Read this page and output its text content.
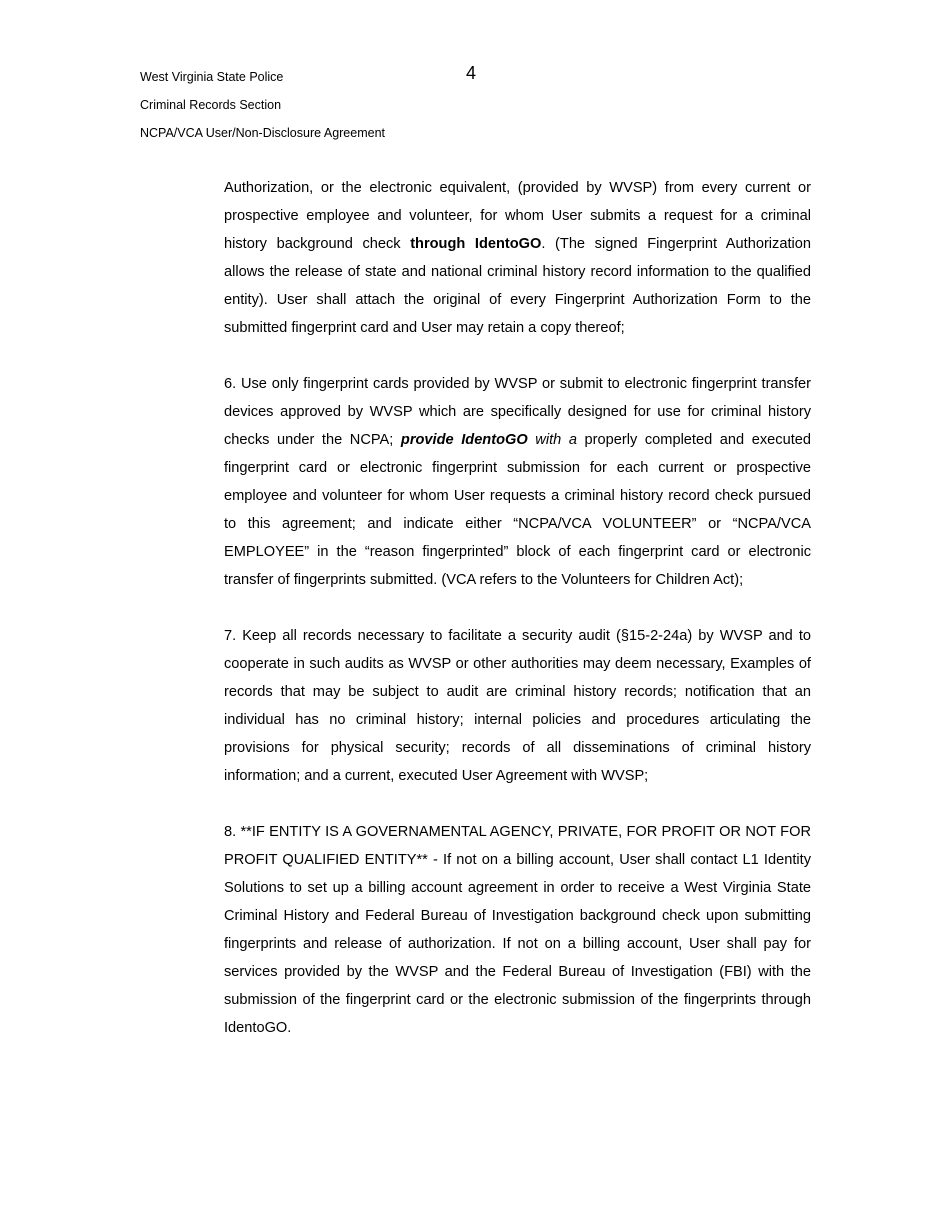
4
West Virginia State Police
Criminal Records Section
NCPA/VCA User/Non-Disclosure Agreement

Authorization, or the electronic equivalent, (provided by WVSP) from every current or prospective employee and volunteer, for whom User submits a request for a criminal history background check through IdentoGO. (The signed Fingerprint Authorization allows the release of state and national criminal history record information to the qualified entity). User shall attach the original of every Fingerprint Authorization Form to the submitted fingerprint card and User may retain a copy thereof;

6. Use only fingerprint cards provided by WVSP or submit to electronic fingerprint transfer devices approved by WVSP which are specifically designed for use for criminal history checks under the NCPA; provide IdentoGO with a properly completed and executed fingerprint card or electronic fingerprint submission for each current or prospective employee and volunteer for whom User requests a criminal history record check pursued to this agreement; and indicate either “NCPA/VCA VOLUNTEER” or “NCPA/VCA EMPLOYEE” in the “reason fingerprinted” block of each fingerprint card or electronic transfer of fingerprints submitted. (VCA refers to the Volunteers for Children Act);

7. Keep all records necessary to facilitate a security audit (§15-2-24a) by WVSP and to cooperate in such audits as WVSP or other authorities may deem necessary, Examples of records that may be subject to audit are criminal history records; notification that an individual has no criminal history; internal policies and procedures articulating the provisions for physical security; records of all disseminations of criminal history information; and a current, executed User Agreement with WVSP;

8. **IF ENTITY IS A GOVERNAMENTAL AGENCY, PRIVATE, FOR PROFIT OR NOT FOR PROFIT QUALIFIED ENTITY** - If not on a billing account, User shall contact L1 Identity Solutions to set up a billing account agreement in order to receive a West Virginia State Criminal History and Federal Bureau of Investigation background check upon submitting fingerprints and release of authorization. If not on a billing account, User shall pay for services provided by the WVSP and the Federal Bureau of Investigation (FBI) with the submission of the fingerprint card or the electronic submission of the fingerprints through IdentoGO.
